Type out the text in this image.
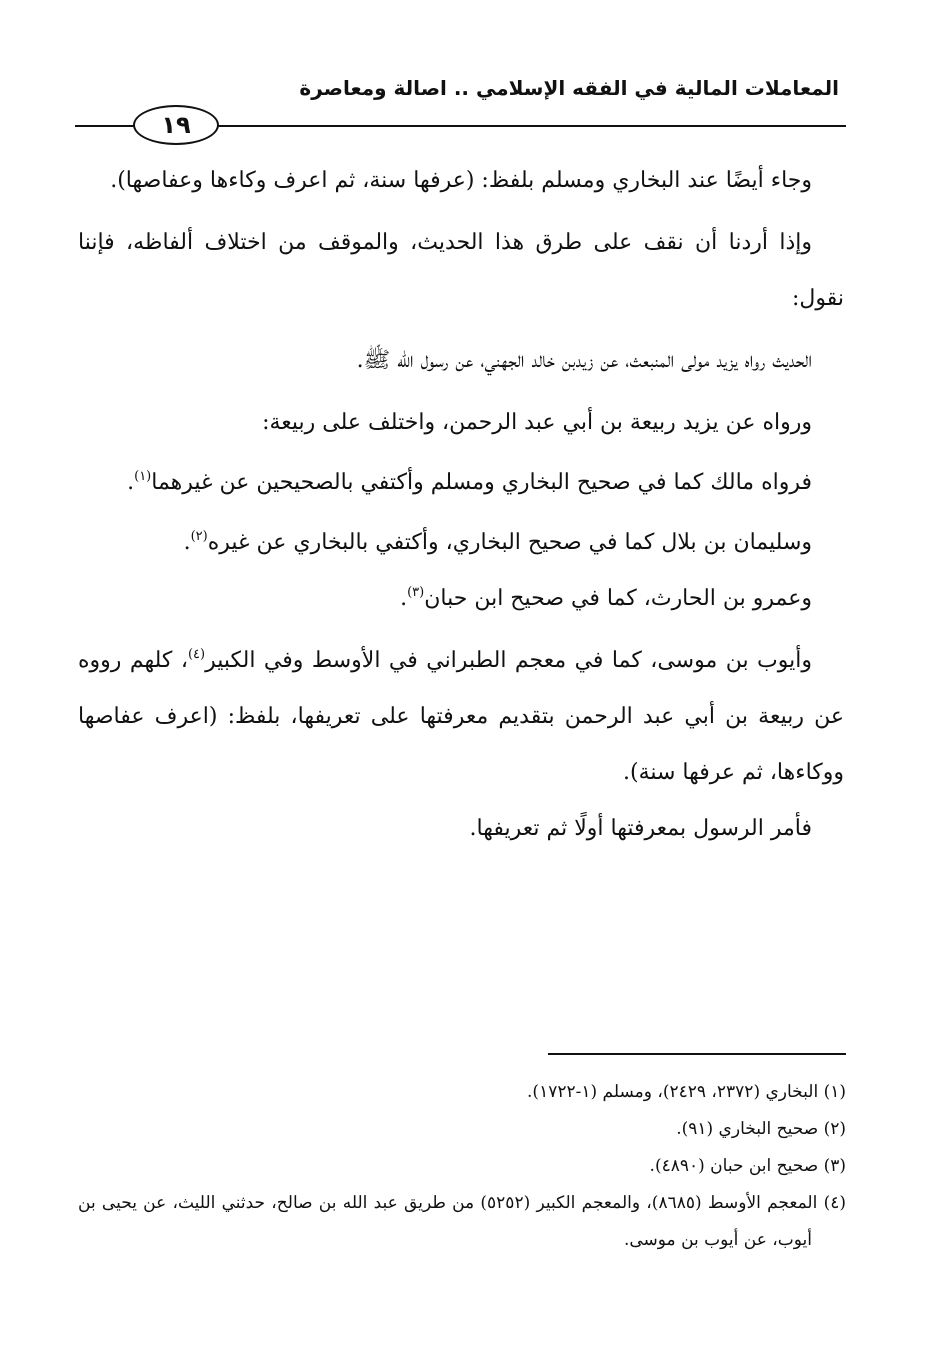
المعاملات المالية في الفقه الإسلامي .. اصالة ومعاصرة
١٩

وجاء أيضًا عند البخاري ومسلم بلفظ: (عرفها سنة، ثم اعرف وكاءها وعفاصها).

وإذا أردنا أن نقف على طرق هذا الحديث، والموقف من اختلاف ألفاظه، فإننا نقول:

الحديث رواه يزيد مولى المنبعث، عن زيدبن خالد الجهني، عن رسول الله ﷺ.

ورواه عن يزيد ربيعة بن أبي عبد الرحمن، واختلف على ربيعة:

فرواه مالك كما في صحيح البخاري ومسلم وأكتفي بالصحيحين عن غيرهما$^{(١)}$.

وسليمان بن بلال كما في صحيح البخاري، وأكتفي بالبخاري عن غيره$^{(٢)}$.

وعمرو بن الحارث، كما في صحيح ابن حبان$^{(٣)}$.

وأيوب بن موسى، كما في معجم الطبراني في الأوسط وفي الكبير$^{(٤)}$، كلهم رووه عن ربيعة بن أبي عبد الرحمن بتقديم معرفتها على تعريفها، بلفظ: (اعرف عفاصها ووكاءها، ثم عرفها سنة).

فأمر الرسول بمعرفتها أولًا ثم تعريفها.

(١) البخاري (٢٣٧٢، ٢٤٢٩)، ومسلم (١-١٧٢٢).

(٢) صحيح البخاري (٩١).

(٣) صحيح ابن حبان (٤٨٩٠).

(٤) المعجم الأوسط (٨٦٨٥)، والمعجم الكبير (٥٢٥٢) من طريق عبد الله بن صالح، حدثني الليث، عن يحيى بن أيوب، عن أيوب بن موسى.
